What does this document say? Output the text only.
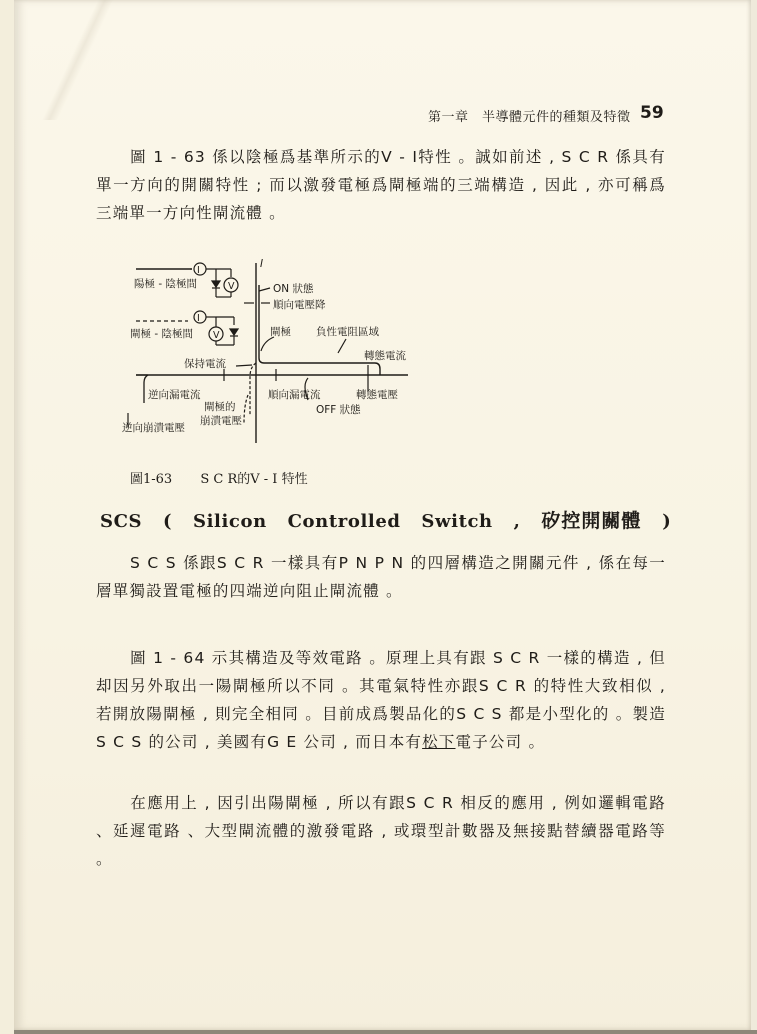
第一章　半導體元件的種類及特徵 59
圖 1 - 63 係以陰極爲基準所示的V - I特性 。誠如前述 , S C R 係具有單一方向的開關特性 ; 而以激發電極爲閘極端的三端構造 , 因此 , 亦可稱爲三端單一方向性閘流體 。
I
V
I
V
I
陽極 - 陰極間
閘極 - 陰極間
ON 狀態
順向電壓降
閘極 負性電阻區域
保持電流
轉態電流
逆向漏電流	順向漏電流	轉態電壓
OFF 狀態
閘極的
崩潰電壓
逆向崩潰電壓
圖1-63 S C R的V - I 特性
SCS ( Silicon Controlled Switch , 矽控開關體 )
S C S 係跟S C R 一樣具有P N P N 的四層構造之開關元件 , 係在每一層單獨設置電極的四端逆向阻止閘流體 。
圖 1 - 64 示其構造及等效電路 。原理上具有跟 S C R 一樣的構造 , 但却因另外取出一陽閘極所以不同 。其電氣特性亦跟S C R 的特性大致相似 , 若開放陽閘極 , 則完全相同 。目前成爲製品化的S C S 都是小型化的 。製造S C S 的公司 , 美國有G E 公司 , 而日本有松下電子公司 。
在應用上 , 因引出陽閘極 , 所以有跟S C R 相反的應用 , 例如邏輯電路 、延遲電路 、大型閘流體的激發電路 , 或環型計數器及無接點替續器電路等 。
